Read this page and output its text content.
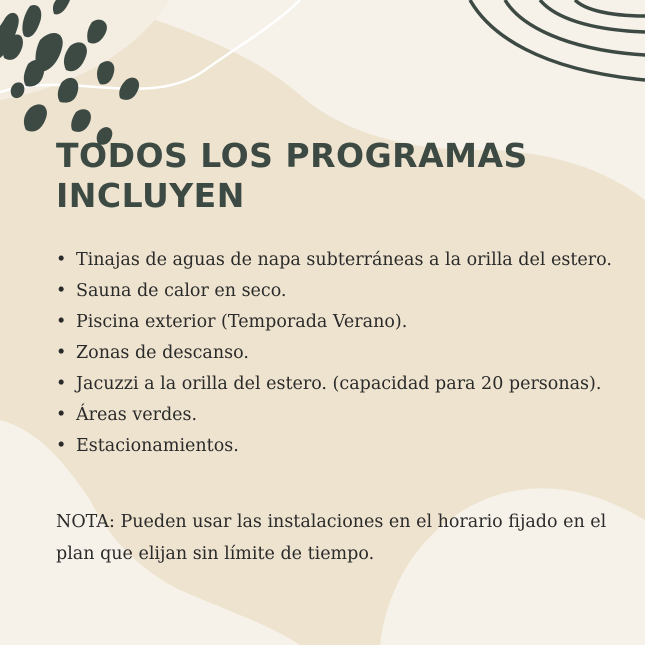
TODOS LOS PROGRAMAS
INCLUYEN
• Tinajas de aguas de napa subterráneas a la orilla del estero.
• Sauna de calor en seco.
• Piscina exterior (Temporada Verano).
• Zonas de descanso.
• Jacuzzi a la orilla del estero. (capacidad para 20 personas).
• Áreas verdes.
• Estacionamientos.

NOTA: Pueden usar las instalaciones en el horario fijado en el plan que elijan sin límite de tiempo.
